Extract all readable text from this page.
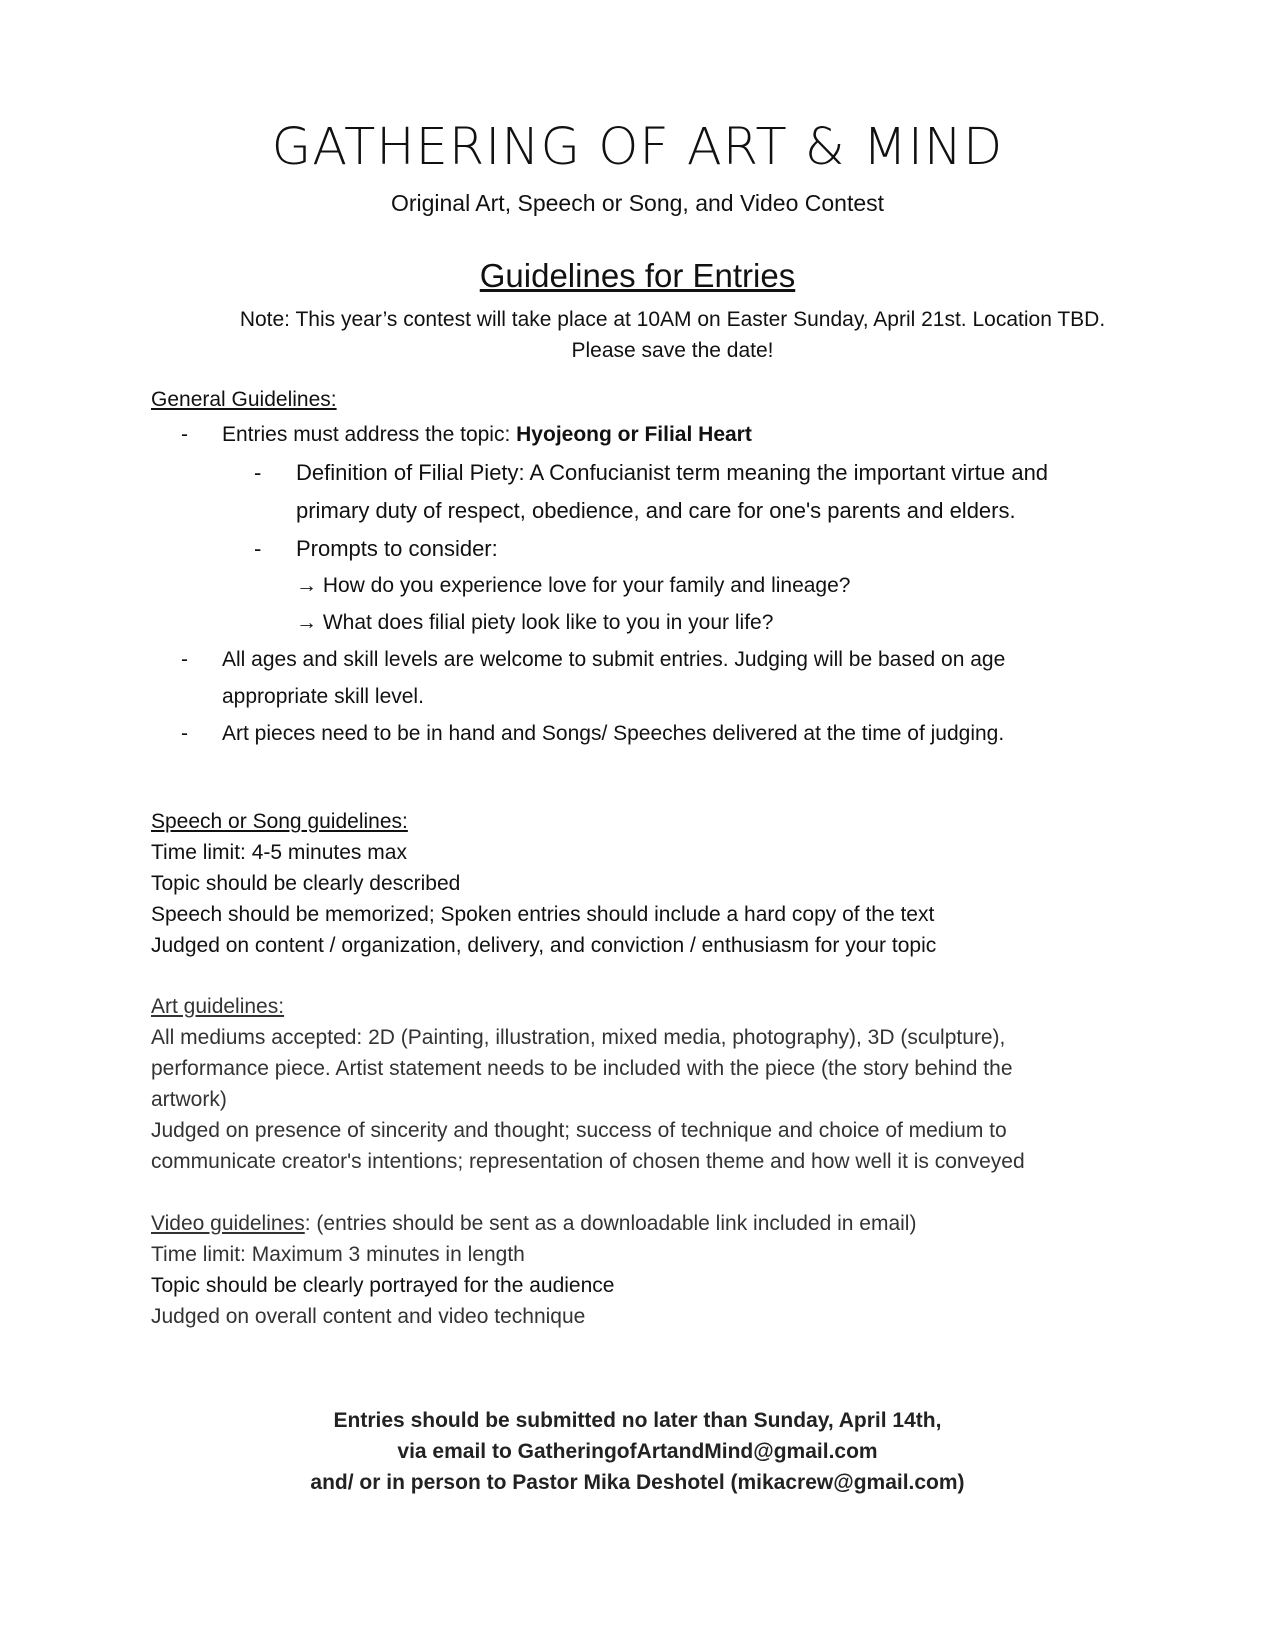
GATHERING OF ART & MIND
Original Art, Speech or Song, and Video Contest
Guidelines for Entries
Note: This year’s contest will take place at 10AM on Easter Sunday, April 21st. Location TBD. Please save the date!
General Guidelines:
- Entries must address the topic: Hyojeong or Filial Heart
- Definition of Filial Piety: A Confucianist term meaning the important virtue and
primary duty of respect, obedience, and care for one's parents and elders.
- Prompts to consider:
→ How do you experience love for your family and lineage?
→ What does filial piety look like to you in your life?
- All ages and skill levels are welcome to submit entries. Judging will be based on age
appropriate skill level.
- Art pieces need to be in hand and Songs/ Speeches delivered at the time of judging.
Speech or Song guidelines:
Time limit: 4-5 minutes max
Topic should be clearly described
Speech should be memorized; Spoken entries should include a hard copy of the text
Judged on content / organization, delivery, and conviction / enthusiasm for your topic
Art guidelines:
All mediums accepted: 2D (Painting, illustration, mixed media, photography), 3D (sculpture),
performance piece. Artist statement needs to be included with the piece (the story behind the
artwork)
Judged on presence of sincerity and thought; success of technique and choice of medium to
communicate creator's intentions; representation of chosen theme and how well it is conveyed
Video guidelines: (entries should be sent as a downloadable link included in email)
Time limit: Maximum 3 minutes in length
Topic should be clearly portrayed for the audience
Judged on overall content and video technique
Entries should be submitted no later than Sunday, April 14th,
via email to GatheringofArtandMind@gmail.com
and/ or in person to Pastor Mika Deshotel (mikacrew@gmail.com)
